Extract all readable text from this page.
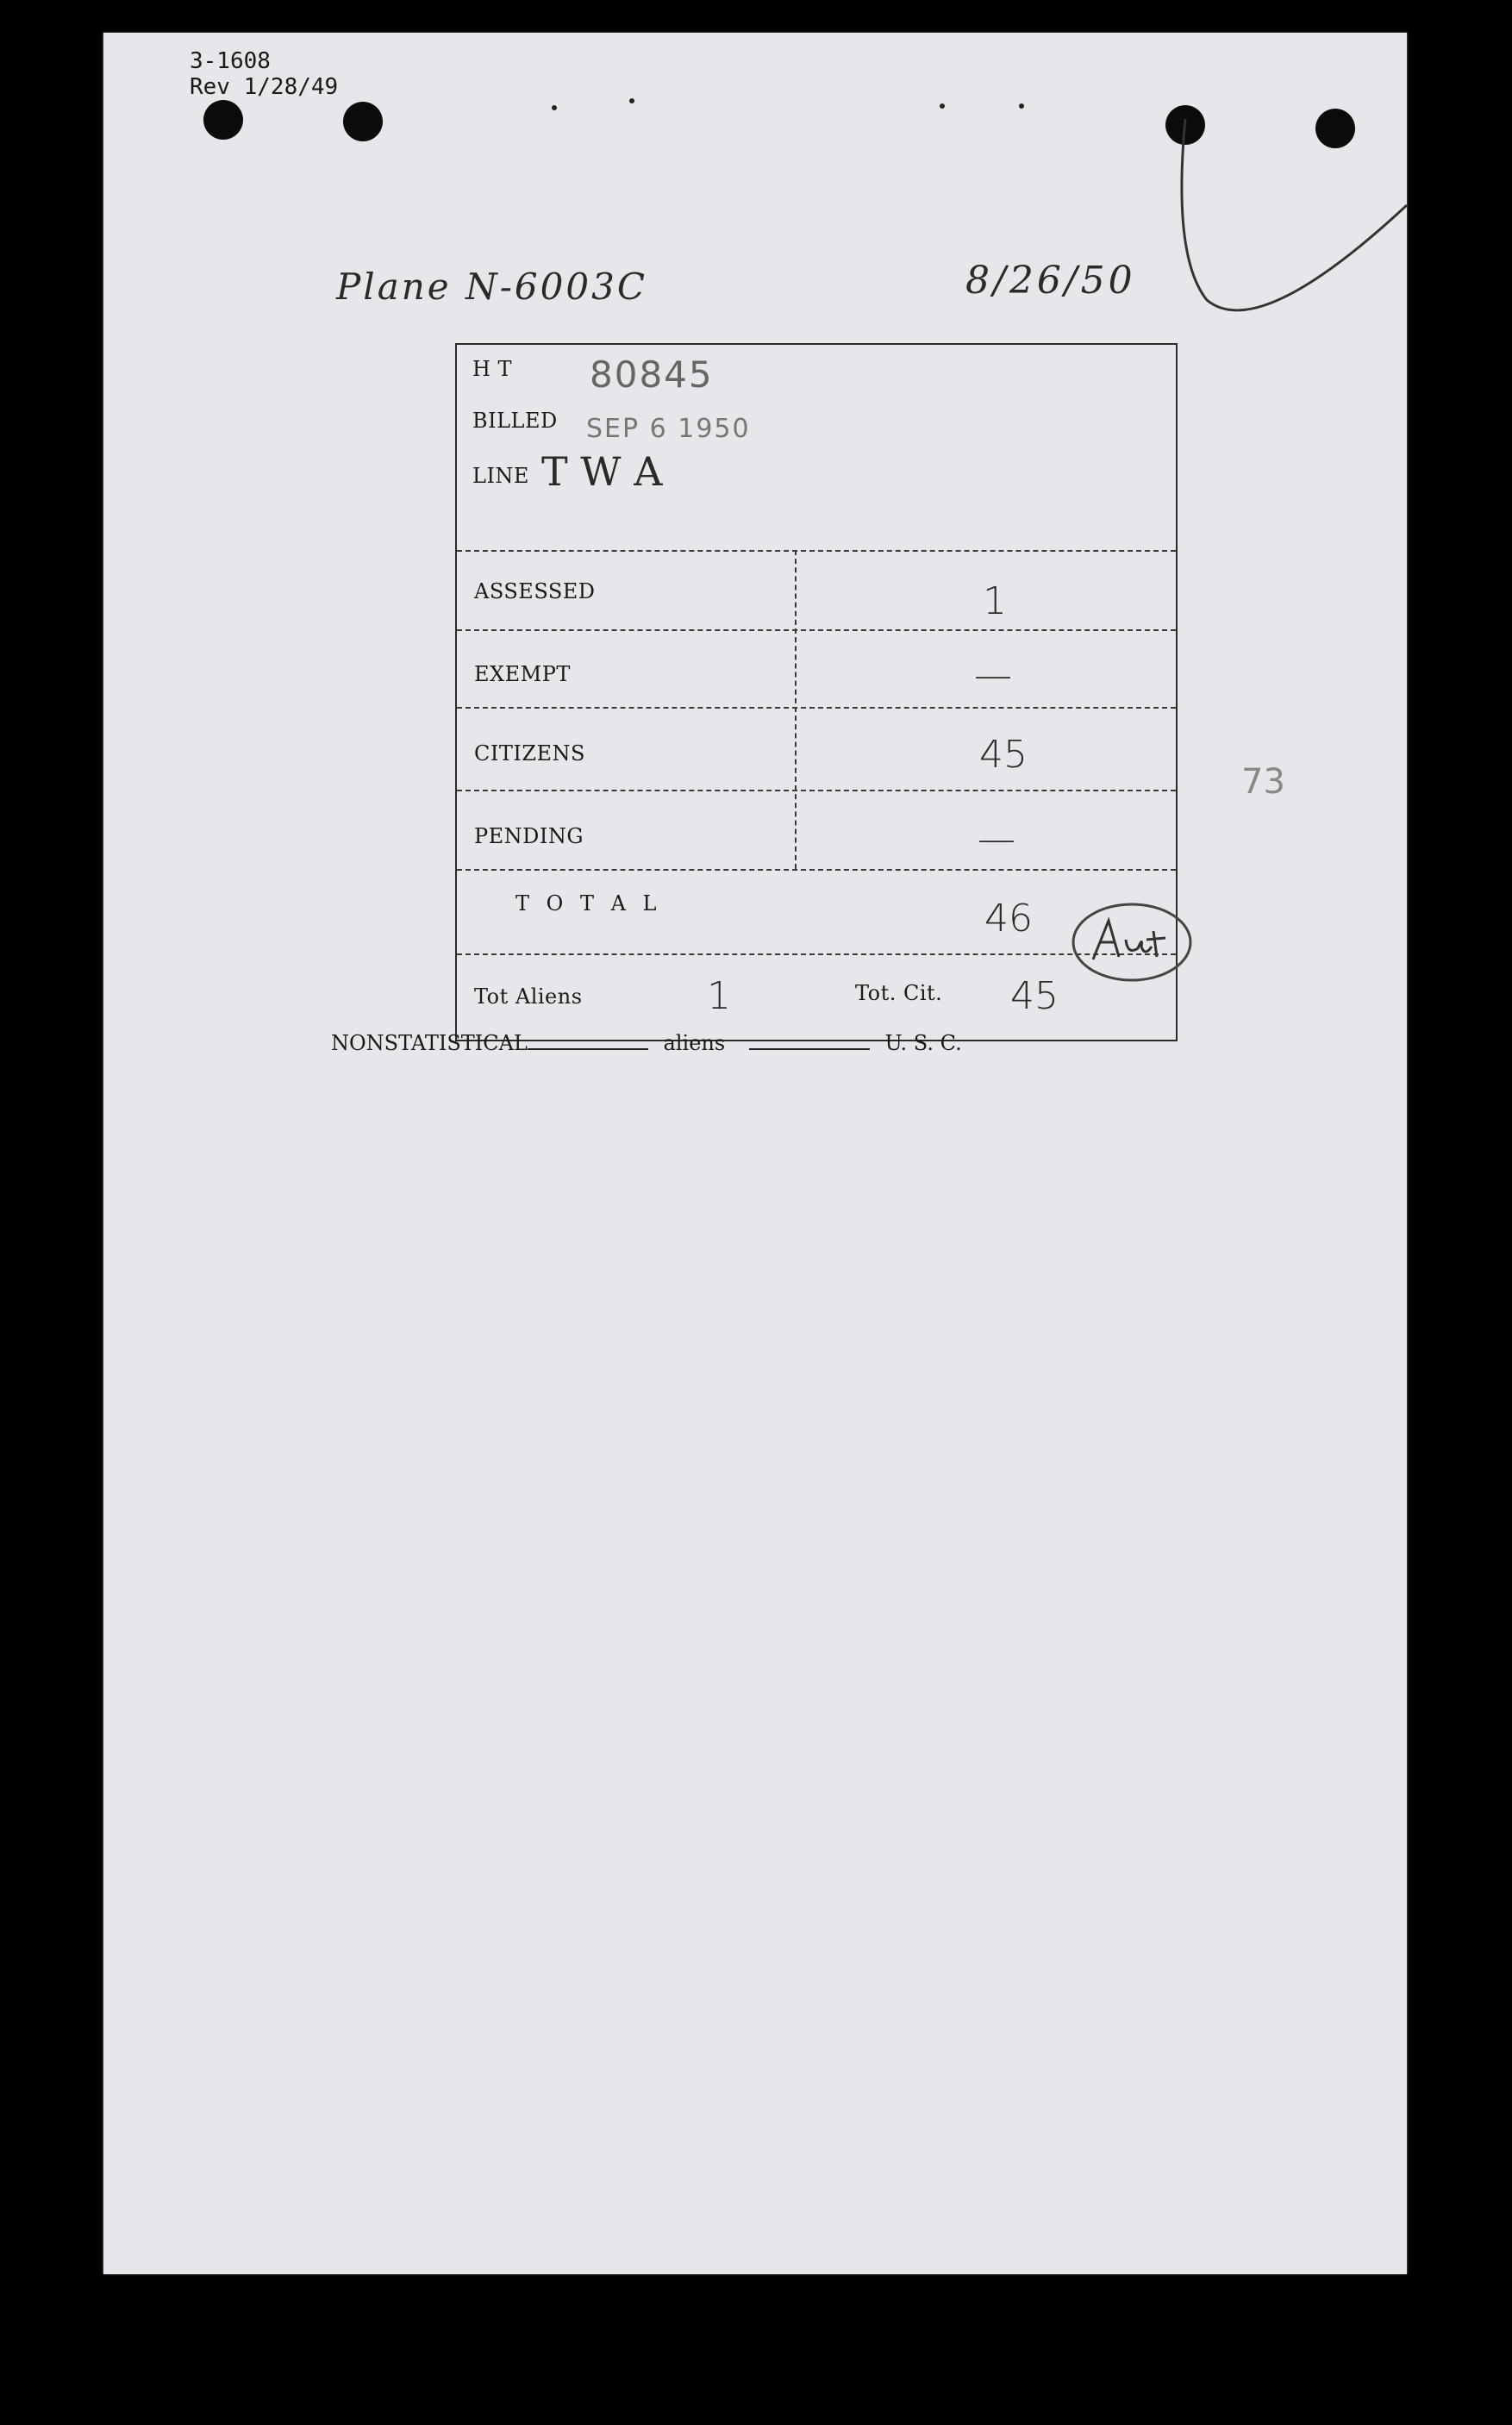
3-1608
Rev 1/28/49
Plane N-6003C	8/26/50
H T 80845
BILLED SEP 6 1950
LINE T W A
ASSESSED	1
EXEMPT	—
CITIZENS	45
PENDING	—
T O T A L	46
Tot Aliens	1	Tot. Cit. 45
73
NONSTATISTICAL	aliens	U. S. C.
